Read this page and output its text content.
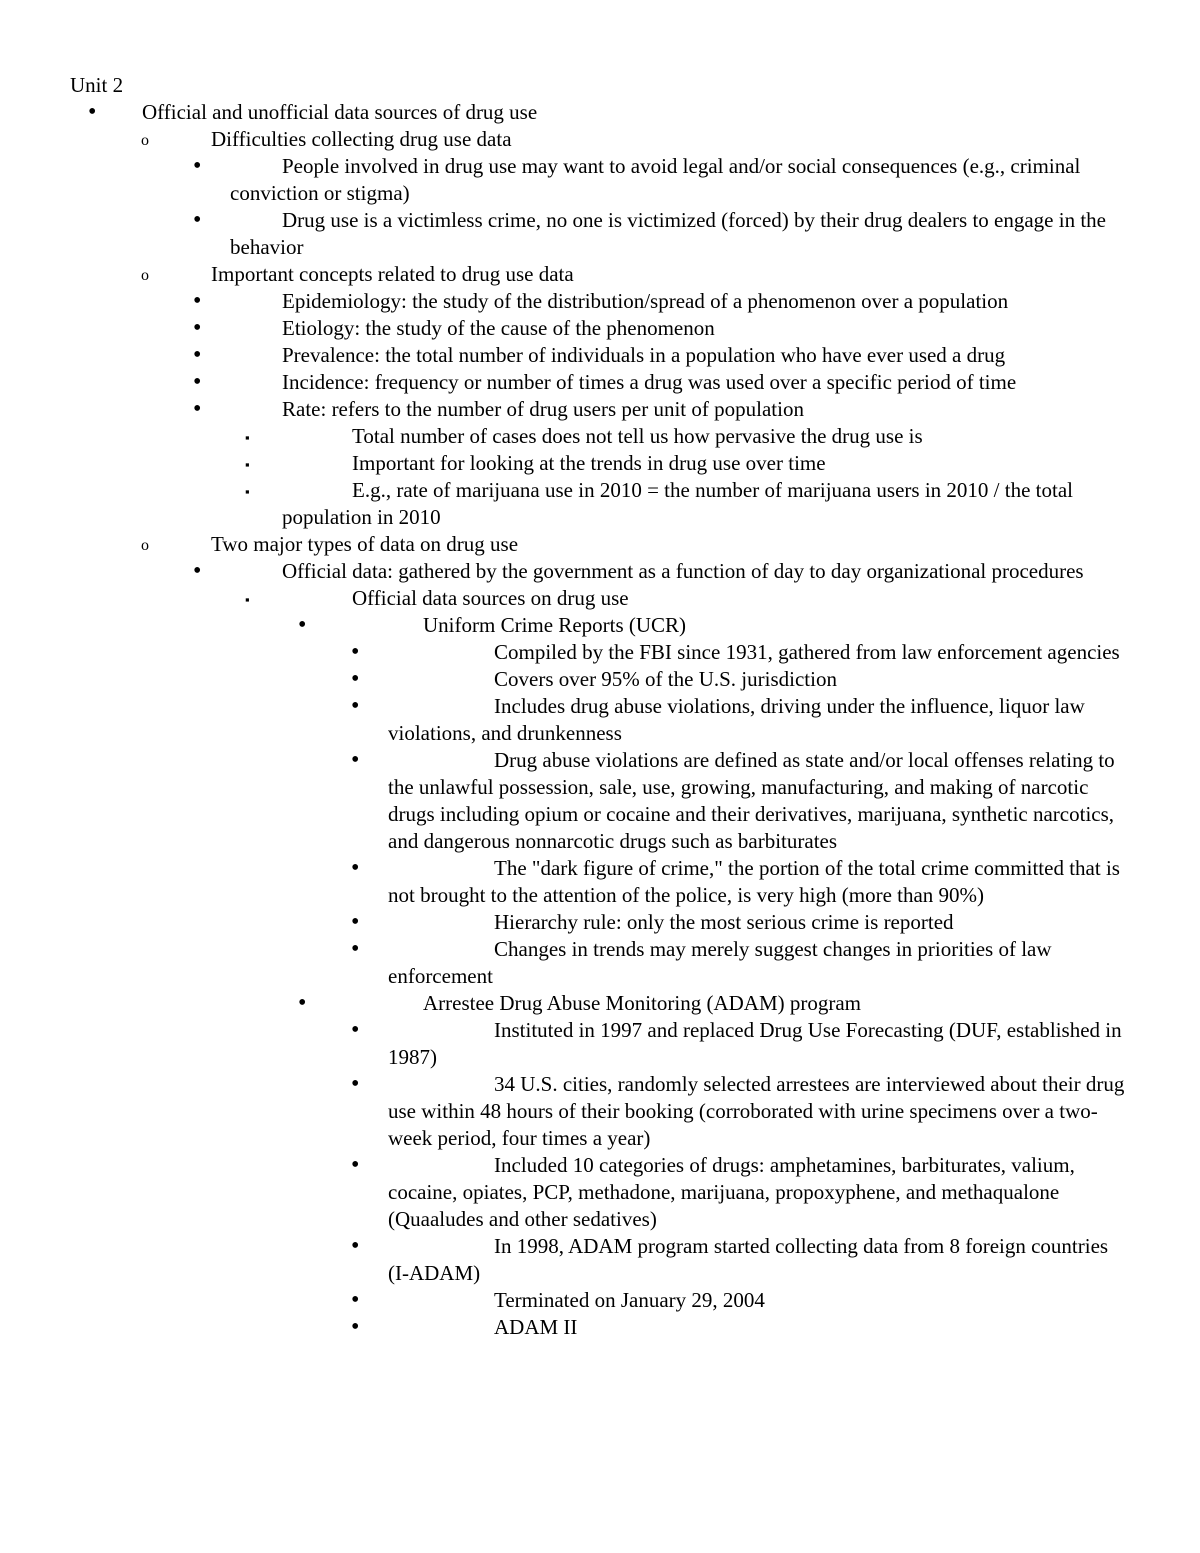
Unit 2
•
Official and unofficial data sources of drug use
o
Difficulties collecting drug use data
•
People involved in drug use may want to avoid legal and/or social consequences (e.g., criminal conviction or stigma)
•
Drug use is a victimless crime, no one is victimized (forced) by their drug dealers to engage in the behavior
o
Important concepts related to drug use data
•
Epidemiology: the study of the distribution/spread of a phenomenon over a population
•
Etiology: the study of the cause of the phenomenon
•
Prevalence: the total number of individuals in a population who have ever used a drug
•
Incidence: frequency or number of times a drug was used over a specific period of time
•
Rate: refers to the number of drug users per unit of population
▪
Total number of cases does not tell us how pervasive the drug use is
▪
Important for looking at the trends in drug use over time
▪
E.g., rate of marijuana use in 2010 = the number of marijuana users in 2010 / the total population in 2010
o
Two major types of data on drug use
•
Official data: gathered by the government as a function of day to day organizational procedures
▪
Official data sources on drug use
•
Uniform Crime Reports (UCR)
•
Compiled by the FBI since 1931, gathered from law enforcement agencies
•
Covers over 95% of the U.S. jurisdiction
•
Includes drug abuse violations, driving under the influence, liquor law violations, and drunkenness
•
Drug abuse violations are defined as state and/or local offenses relating to the unlawful possession, sale, use, growing, manufacturing, and making of narcotic drugs including opium or cocaine and their derivatives, marijuana, synthetic narcotics, and dangerous nonnarcotic drugs such as barbiturates
•
The "dark figure of crime," the portion of the total crime committed that is not brought to the attention of the police, is very high (more than 90%)
•
Hierarchy rule: only the most serious crime is reported
•
Changes in trends may merely suggest changes in priorities of law enforcement
•
Arrestee Drug Abuse Monitoring (ADAM) program
•
Instituted in 1997 and replaced Drug Use Forecasting (DUF, established in 1987)
•
34 U.S. cities, randomly selected arrestees are interviewed about their drug use within 48 hours of their booking (corroborated with urine specimens over a two-week period, four times a year)
•
Included 10 categories of drugs: amphetamines, barbiturates, valium, cocaine, opiates, PCP, methadone, marijuana, propoxyphene, and methaqualone (Quaaludes and other sedatives)
•
In 1998, ADAM program started collecting data from 8 foreign countries (I-ADAM)
•
Terminated on January 29, 2004
•
ADAM II
